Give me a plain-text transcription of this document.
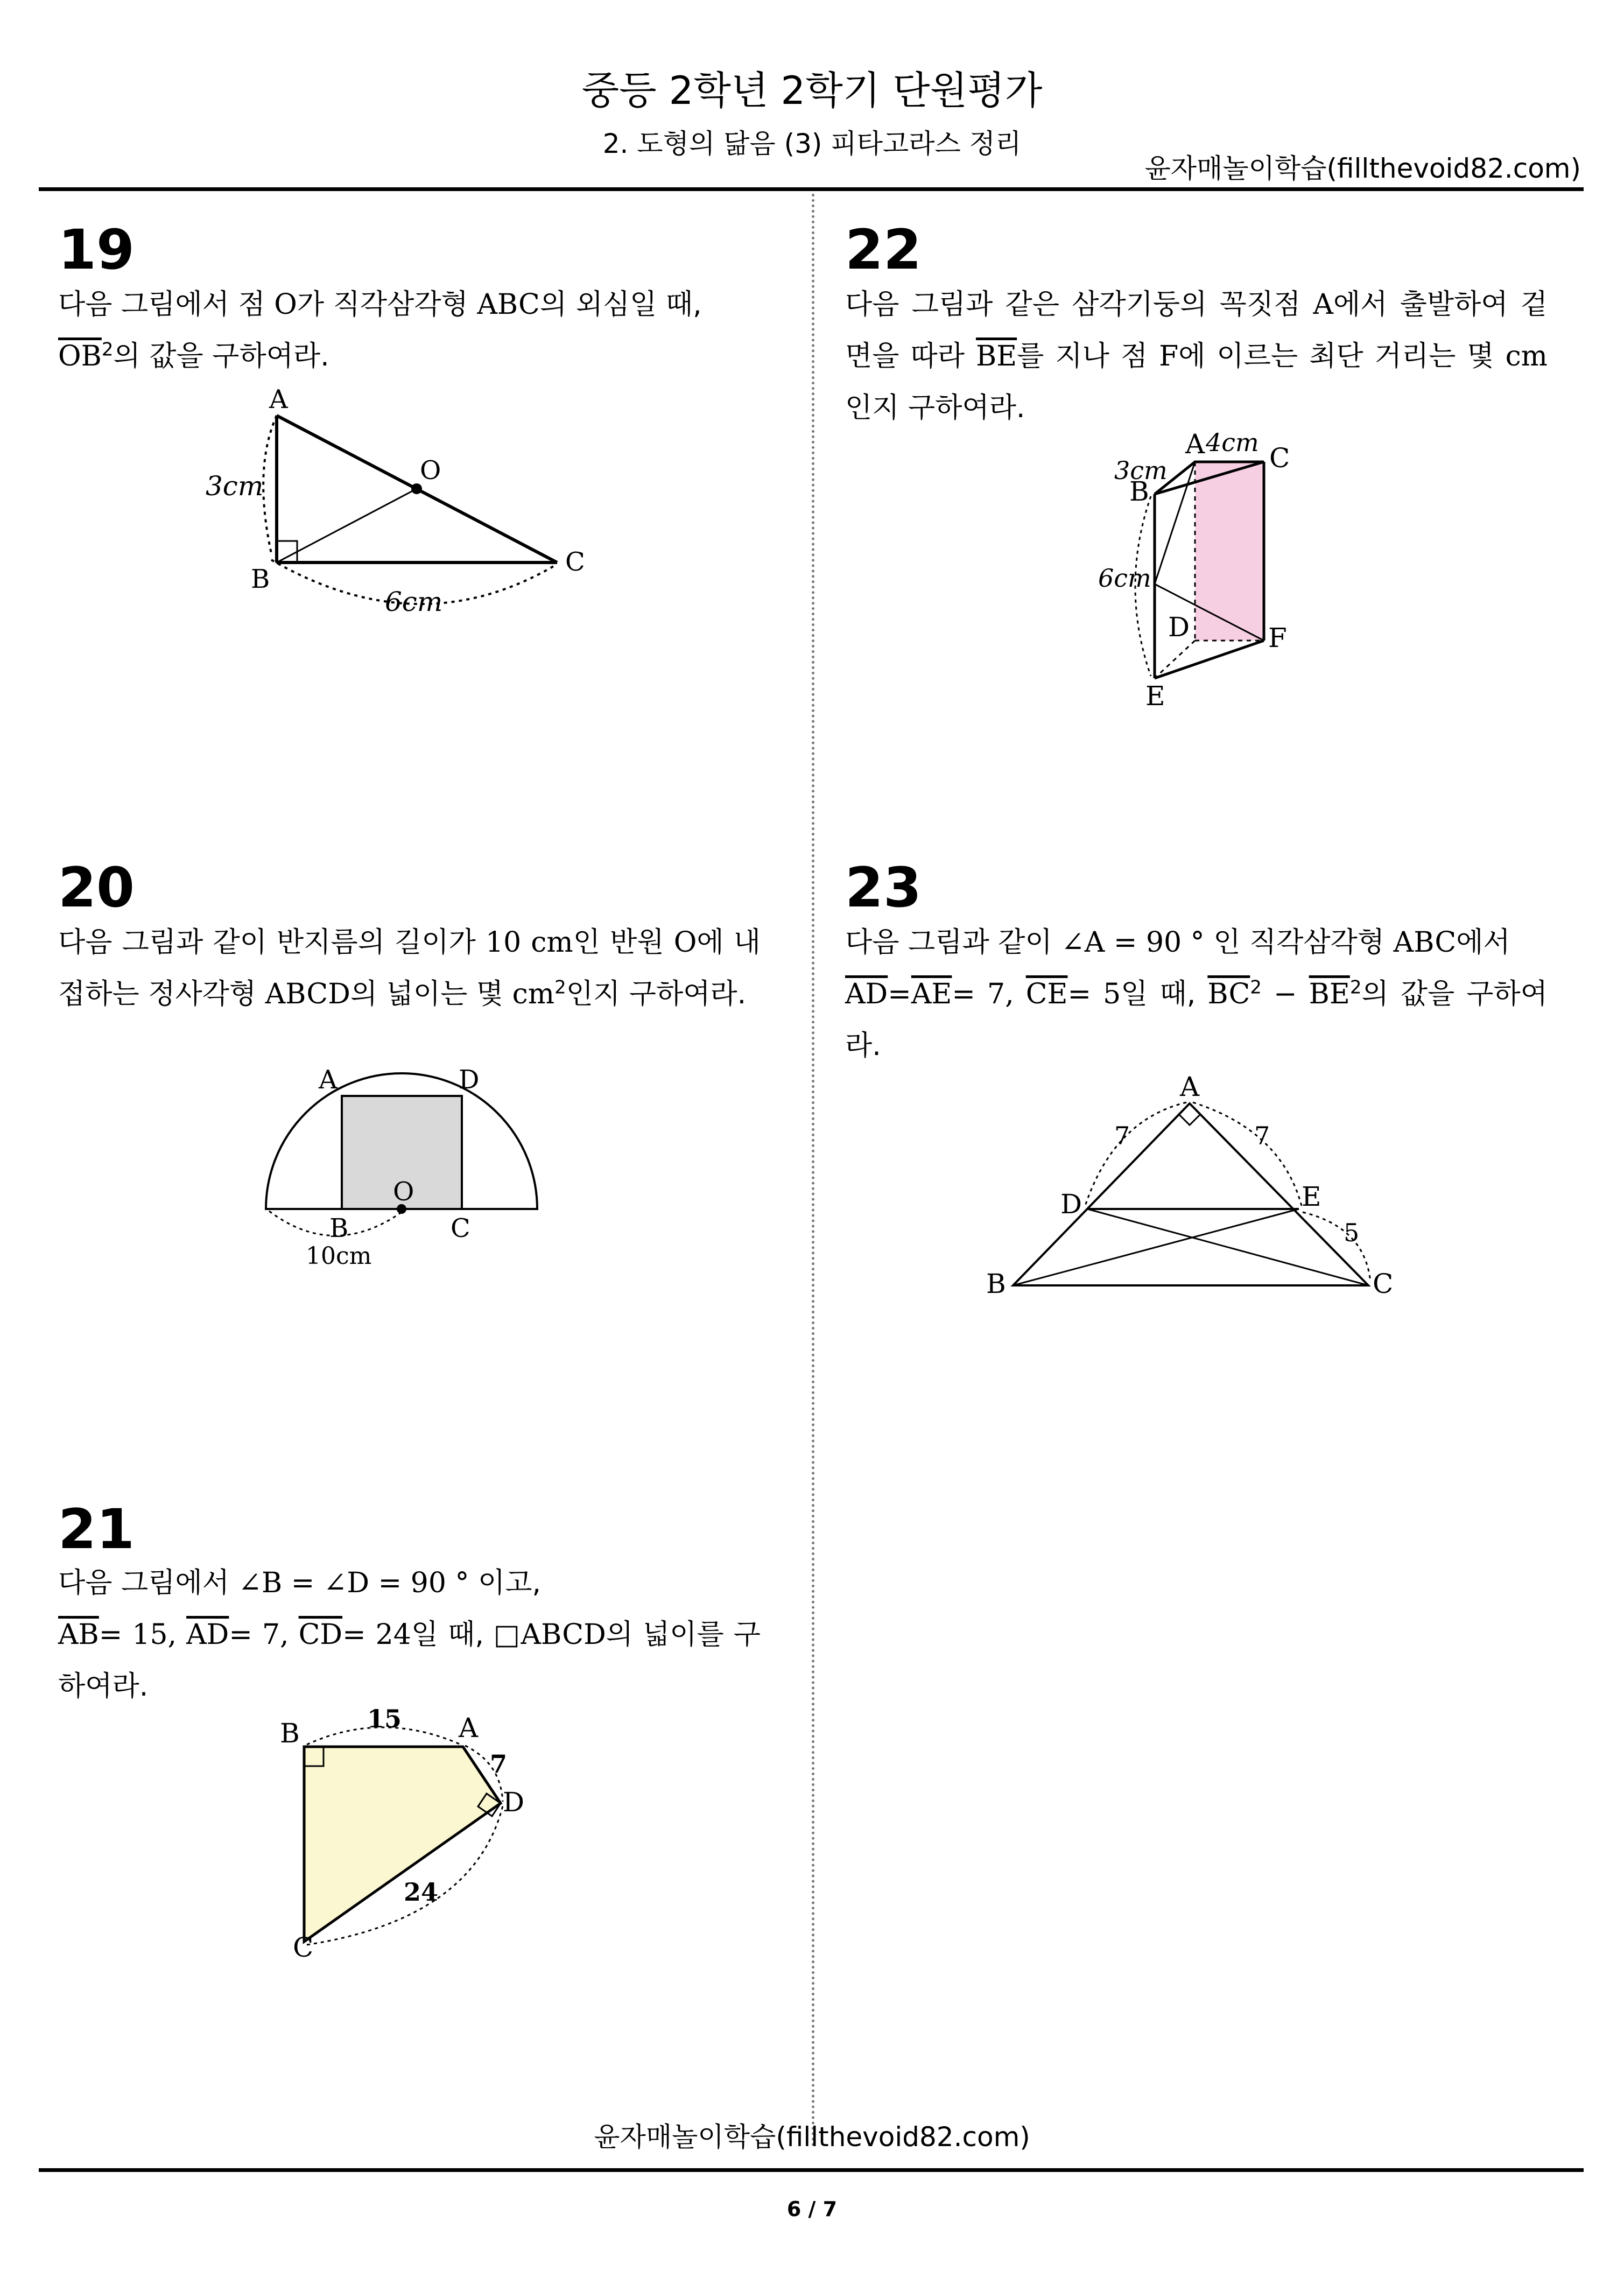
중등 2학년 2학기 단원평가
2. 도형의 닮음 (3) 피타고라스 정리
윤자매놀이학습(fillthevoid82.com)
19
다음 그림에서 점 O가 직각삼각형 ABC의 외심일 때,
$\overline{OB}^2$의 값을 구하여라.
A
B
C
O
3cm
6cm
20
다음 그림과 같이 반지름의 길이가 10 cm인 반원 O에 내접하는 정사각형 ABCD의 넓이는 몇 $cm^2$인지 구하여라.
A	D
O
B	C
10cm
21
다음 그림에서 ∠B = ∠D = 90 ° 이고,
$\overline{AB}= 15$, $\overline{AD}= 7$, $\overline{CD}= 24$일 때, □ABCD의 넓이를 구하여라.
B	A
D
C
15
7
24
22
다음 그림과 같은 삼각기둥의 꼭짓점 A에서 출발하여 겉면을 따라 $\overline{BE}$를 지나 점 F에 이르는 최단 거리는 몇 cm인지 구하여라.
A C
B
D	F
E
3cm
4cm
6cm
23
다음 그림과 같이 ∠A = 90 ° 인 직각삼각형 ABC에서
$\overline{AD}=\overline{AE}= 7$, $\overline{CE}= 5$일 때, $\overline{BC}^2 - \overline{BE}^2$의 값을 구하여라.
A
D	E
B	C
7	7
5
윤자매놀이학습(fillthevoid82.com)
6 / 7
